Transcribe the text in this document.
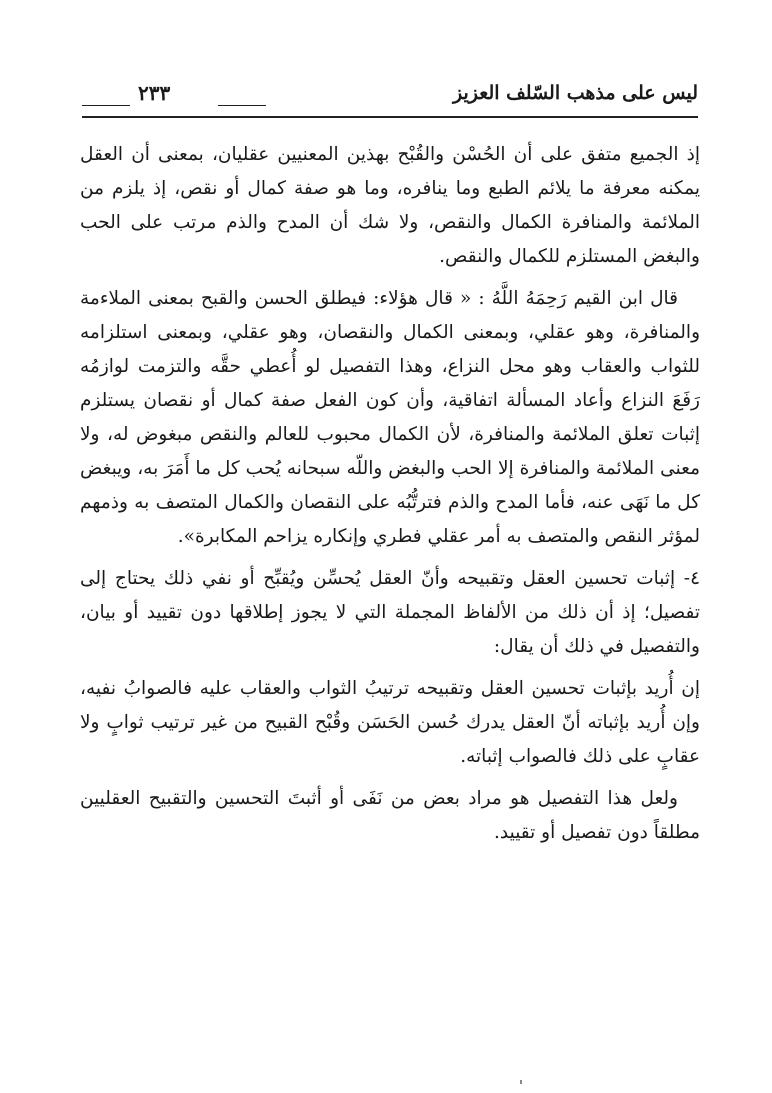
ليس على مذهب السّلف العزيز
٢٣٣

إذ الجميع متفق على أن الحُسْن والقُبْح بهذين المعنيين عقليان، بمعنى أن العقل يمكنه معرفة ما يلائم الطبع وما ينافره، وما هو صفة كمال أو نقص، إذ يلزم من الملائمة والمنافرة الكمال والنقص، ولا شك أن المدح والذم مرتب على الحب والبغض المستلزم للكمال والنقص.

قال ابن القيم رَحِمَهُ اللَّهُ : « قال هؤلاء: فيطلق الحسن والقبح بمعنى الملاءمة والمنافرة، وهو عقلي، وبمعنى الكمال والنقصان، وهو عقلي، وبمعنى استلزامه للثواب والعقاب وهو محل النزاع، وهذا التفصيل لو أُعطي حقَّه والتزمت لوازمُه رَفَعَ النزاع وأعاد المسألة اتفاقية، وأن كون الفعل صفة كمال أو نقصان يستلزم إثبات تعلق الملائمة والمنافرة، لأن الكمال محبوب للعالم والنقص مبغوض له، ولا معنى الملائمة والمنافرة إلا الحب والبغض واللّه سبحانه يُحب كل ما أَمَرَ به، ويبغض كل ما نَهَى عنه، فأما المدح والذم فترتُّبُه على النقصان والكمال المتصف به وذمهم لمؤثر النقص والمتصف به أمر عقلي فطري وإنكاره يزاحم المكابرة».

٤- إثبات تحسين العقل وتقبيحه وأنّ العقل يُحسِّن ويُقبِّح أو نفي ذلك يحتاج إلى تفصيل؛ إذ أن ذلك من الألفاظ المجملة التي لا يجوز إطلاقها دون تقييد أو بيان، والتفصيل في ذلك أن يقال:

إن أُريد بإثبات تحسين العقل وتقبيحه ترتيبُ الثواب والعقاب عليه فالصوابُ نفيه، وإن أُريد بإثباته أنّ العقل يدرك حُسن الحَسَن وقُبْح القبيح من غير ترتيب ثوابٍ ولا عقابٍ على ذلك فالصواب إثباته.

ولعل هذا التفصيل هو مراد بعض من نَفَى أو أثبتَ التحسين والتقبيح العقليين مطلقاً دون تفصيل أو تقييد.
